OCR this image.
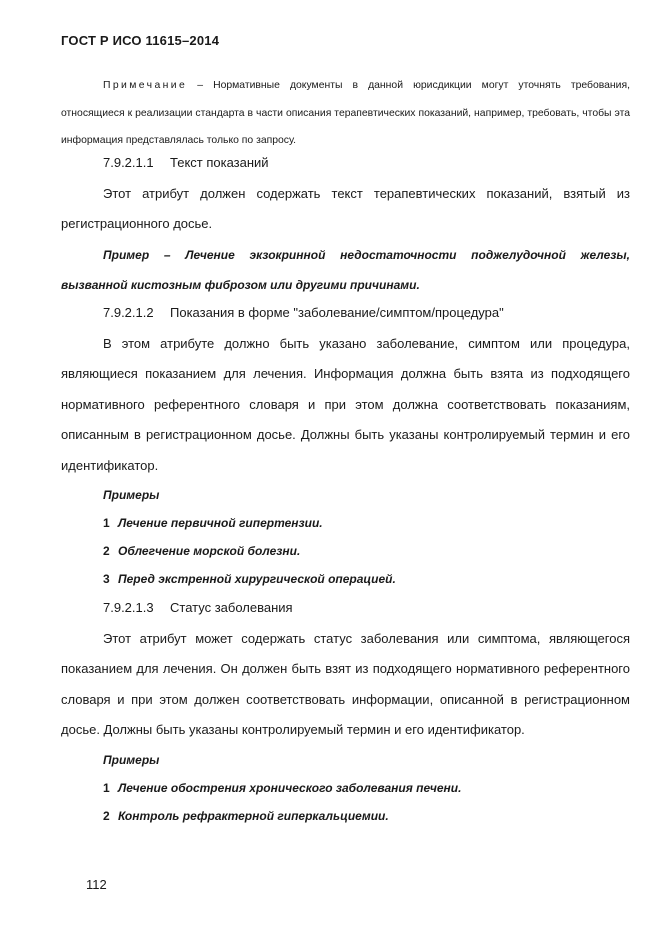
ГОСТ Р ИСО 11615–2014
Примечание – Нормативные документы в данной юрисдикции могут уточнять требования, относящиеся к реализации стандарта в части описания терапевтических показаний, например, требовать, чтобы эта информация представлялась только по запросу.

7.9.2.1.1 Текст показаний

Этот атрибут должен содержать текст терапевтических показаний, взятый из регистрационного досье.

Пример – Лечение экзокринной недостаточности поджелудочной железы, вызванной кистозным фиброзом или другими причинами.

7.9.2.1.2 Показания в форме "заболевание/симптом/процедура"

В этом атрибуте должно быть указано заболевание, симптом или процедура, являющиеся показанием для лечения. Информация должна быть взята из подходящего нормативного референтного словаря и при этом должна соответствовать показаниям, описанным в регистрационном досье. Должны быть указаны контролируемый термин и его идентификатор.

Примеры

1 Лечение первичной гипертензии.

2 Облегчение морской болезни.

3 Перед экстренной хирургической операцией.

7.9.2.1.3 Статус заболевания

Этот атрибут может содержать статус заболевания или симптома, являющегося показанием для лечения. Он должен быть взят из подходящего нормативного референтного словаря и при этом должен соответствовать информации, описанной в регистрационном досье. Должны быть указаны контролируемый термин и его идентификатор.

Примеры

1 Лечение обострения хронического заболевания печени.

2 Контроль рефрактерной гиперкальциемии.

112
